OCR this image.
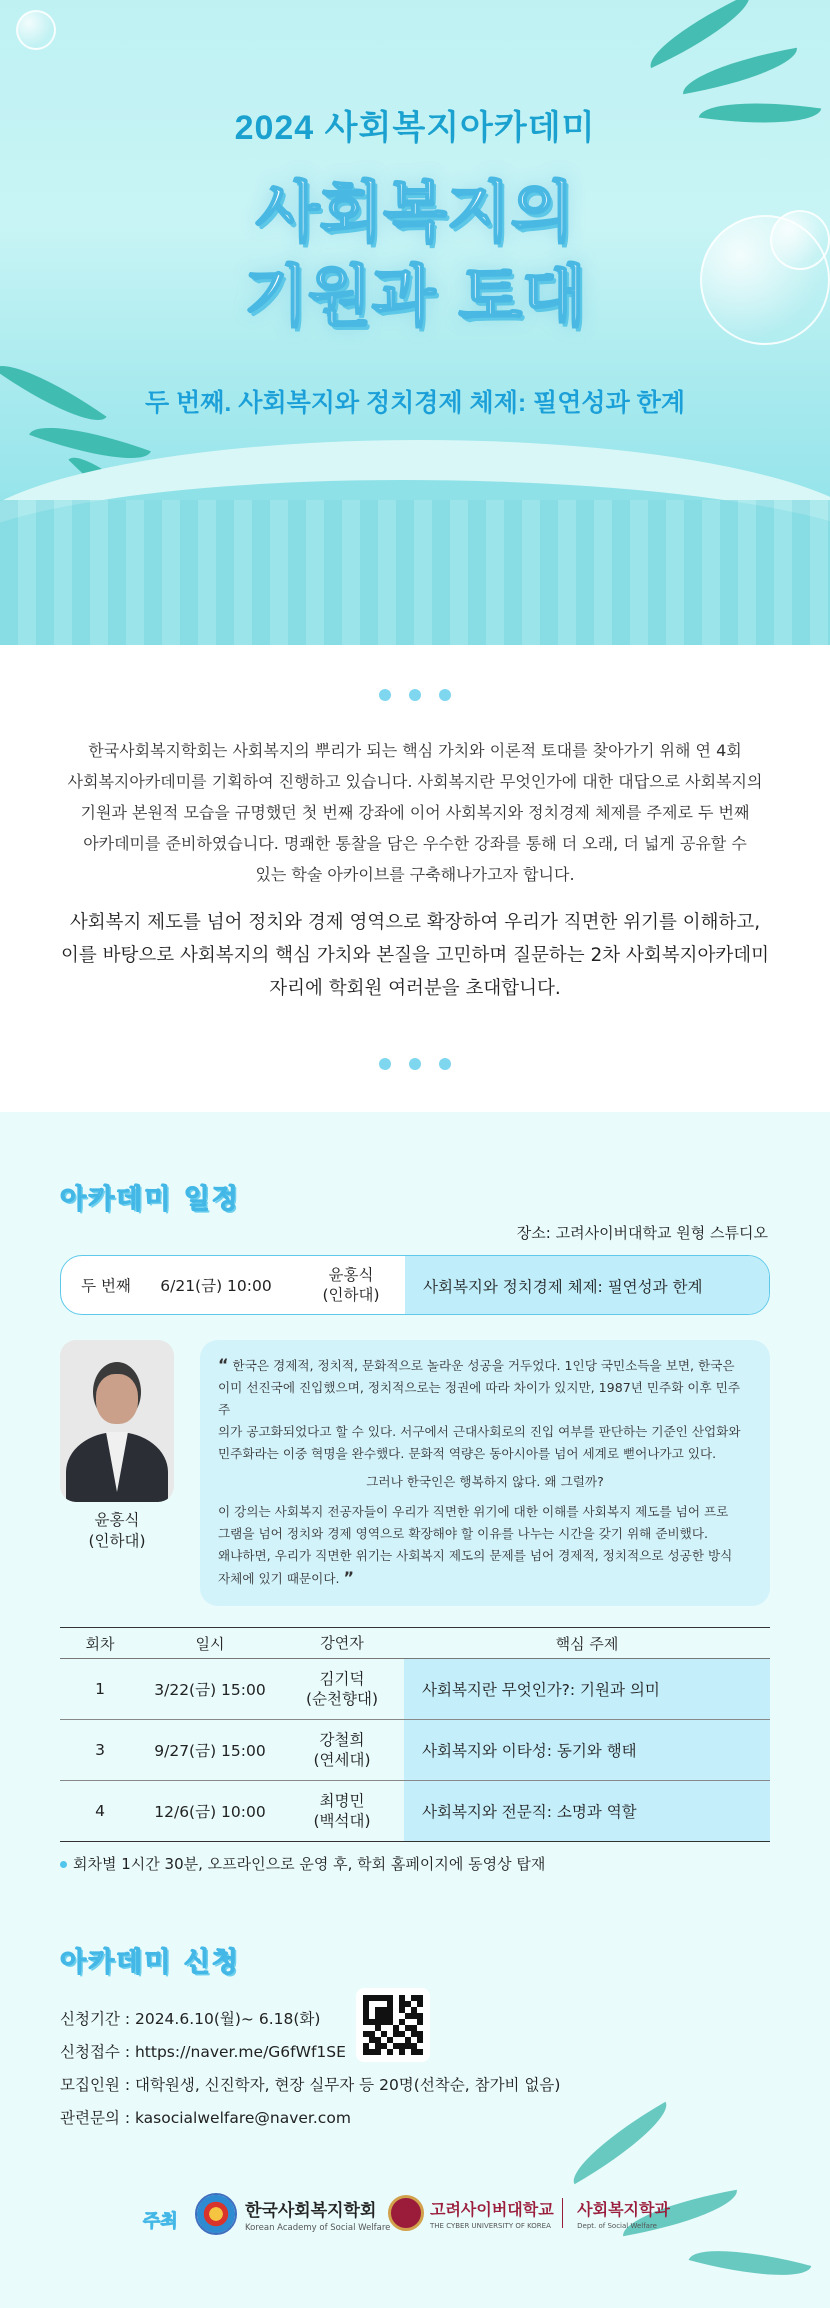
2024 사회복지아카데미
사회복지의
기원과 토대
두 번째. 사회복지와 정치경제 체제: 필연성과 한계

한국사회복지학회는 사회복지의 뿌리가 되는 핵심 가치와 이론적 토대를 찾아가기 위해 연 4회
사회복지아카데미를 기획하여 진행하고 있습니다. 사회복지란 무엇인가에 대한 대답으로 사회복지의
기원과 본원적 모습을 규명했던 첫 번째 강좌에 이어 사회복지와 정치경제 체제를 주제로 두 번째
아카데미를 준비하였습니다. 명쾌한 통찰을 담은 우수한 강좌를 통해 더 오래, 더 넓게 공유할 수
있는 학술 아카이브를 구축해나가고자 합니다.

사회복지 제도를 넘어 정치와 경제 영역으로 확장하여 우리가 직면한 위기를 이해하고,
이를 바탕으로 사회복지의 핵심 가치와 본질을 고민하며 질문하는 2차 사회복지아카데미
자리에 학회원 여러분을 초대합니다.

아카데미 일정
장소: 고려사이버대학교 원형 스튜디오
두 번째	6/21(금) 10:00
윤홍식
(인하대)	사회복지와 정치경제 체제: 필연성과 한계
윤홍식
(인하대)

“ 한국은 경제적, 정치적, 문화적으로 놀라운 성공을 거두었다. 1인당 국민소득을 보면, 한국은
이미 선진국에 진입했으며, 정치적으로는 정권에 따라 차이가 있지만, 1987년 민주화 이후 민주주
의가 공고화되었다고 할 수 있다. 서구에서 근대사회로의 진입 여부를 판단하는 기준인 산업화와
민주화라는 이중 혁명을 완수했다. 문화적 역량은 동아시아를 넘어 세계로 뻗어나가고 있다.

그러나 한국인은 행복하지 않다. 왜 그럴까?

이 강의는 사회복지 전공자들이 우리가 직면한 위기에 대한 이해를 사회복지 제도를 넘어 프로
그램을 넘어 정치와 경제 영역으로 확장해야 할 이유를 나누는 시간을 갖기 위해 준비했다.
왜냐하면, 우리가 직면한 위기는 사회복지 제도의 문제를 넘어 경제적, 정치적으로 성공한 방식
자체에 있기 때문이다. ”

회차	일시	강연자	핵심 주제
1	3/22(금) 15:00
김기덕
(순천향대)	사회복지란 무엇인가?: 기원과 의미
3	9/27(금) 15:00
강철희
(연세대)	사회복지와 이타성: 동기와 행태
4	12/6(금) 10:00
최명민
(백석대)	사회복지와 전문직: 소명과 역할
회차별 1시간 30분, 오프라인으로 운영 후, 학회 홈페이지에 동영상 탑재
아카데미 신청
신청기간 : 2024.6.10(월)~ 6.18(화)
신청접수 : https://naver.me/G6fWf1SE
모집인원 : 대학원생, 신진학자, 현장 실무자 등 20명(선착순, 참가비 없음)
관련문의 : kasocialwelfare@naver.com
주최
한국사회복지학회
Korean Academy of Social Welfare
고려사이버대학교
THE CYBER UNIVERSITY OF KOREA
사회복지학과
Dept. of Social Welfare
